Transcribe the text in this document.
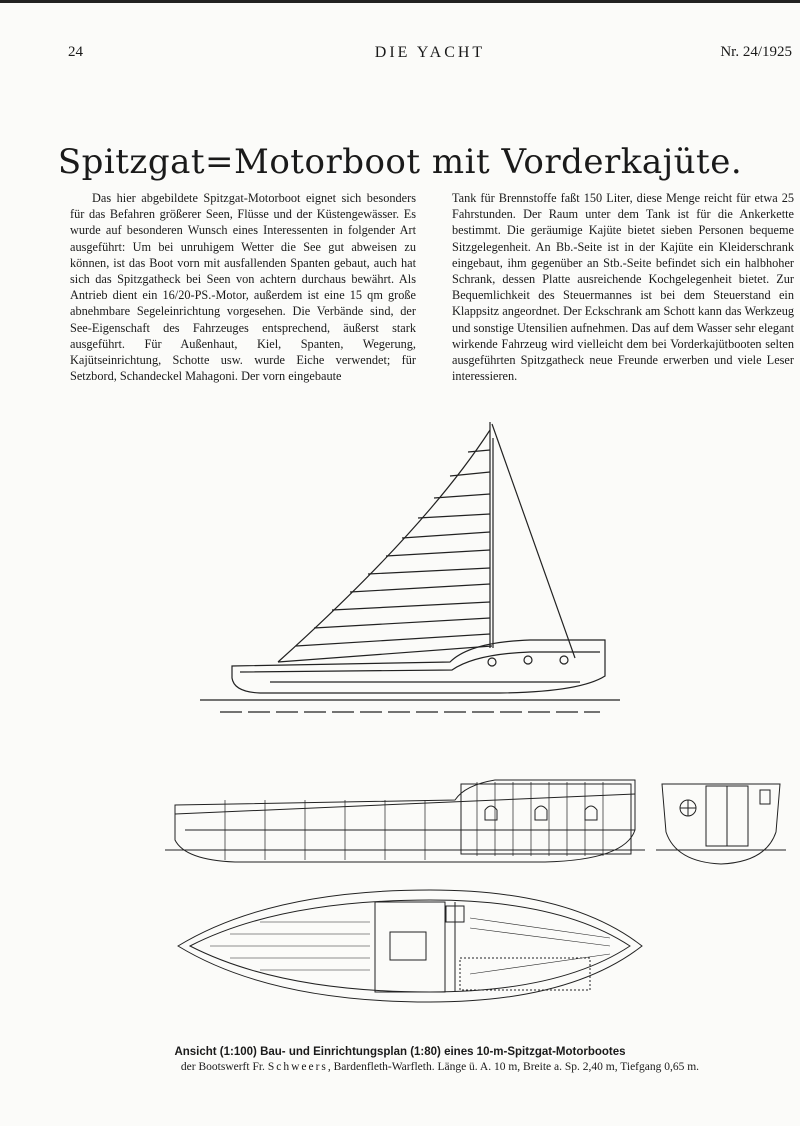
24	DIE YACHT	Nr. 24/1925
Spitzgat=Motorboot mit Vorderkajüte.

Das hier abgebildete Spitzgat-Motorboot eignet sich besonders für das Befahren größerer Seen, Flüsse und der Küstengewässer. Es wurde auf besonderen Wunsch eines Interessenten in folgender Art ausgeführt: Um bei unruhigem Wetter die See gut abweisen zu können, ist das Boot vorn mit ausfallenden Spanten gebaut, auch hat sich das Spitzgatheck bei Seen von achtern durchaus bewährt. Als Antrieb dient ein 16/20-PS.-Motor, außerdem ist eine 15 qm große abnehmbare Segeleinrichtung vorgesehen. Die Verbände sind, der See-Eigenschaft des Fahrzeuges entsprechend, äußerst stark ausgeführt. Für Außenhaut, Kiel, Spanten, Wegerung, Kajütseinrichtung, Schotte usw. wurde Eiche verwendet; für Setzbord, Schandeckel Mahagoni. Der vorn eingebaute

Tank für Brennstoffe faßt 150 Liter, diese Menge reicht für etwa 25 Fahrstunden. Der Raum unter dem Tank ist für die Ankerkette bestimmt. Die geräumige Kajüte bietet sieben Personen bequeme Sitzgelegenheit. An Bb.-Seite ist in der Kajüte ein Kleiderschrank eingebaut, ihm gegenüber an Stb.-Seite befindet sich ein halbhoher Schrank, dessen Platte ausreichende Kochgelegenheit bietet. Zur Bequemlichkeit des Steuermannes ist bei dem Steuerstand ein Klappsitz angeordnet. Der Eckschrank am Schott kann das Werkzeug und sonstige Utensilien aufnehmen. Das auf dem Wasser sehr elegant wirkende Fahrzeug wird vielleicht dem bei Vorderkajütbooten selten ausgeführten Spitzgatheck neue Freunde erwerben und viele Leser interessieren.

Ansicht (1:100) Bau- und Einrichtungsplan (1:80) eines 10-m-Spitzgat-Motorbootes
der Bootswerft Fr. Schweers, Bardenfleth-Warfleth. Länge ü. A. 10 m, Breite a. Sp. 2,40 m, Tiefgang 0,65 m.
